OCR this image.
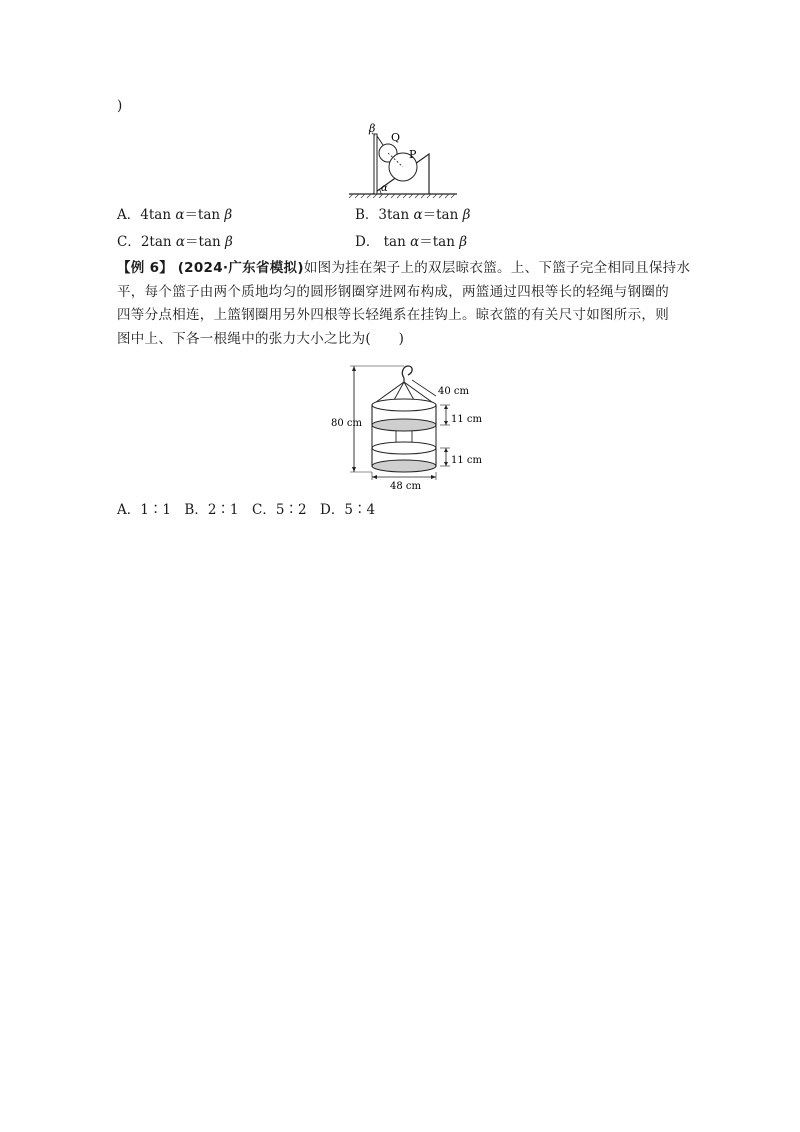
)
β
Q
P
α
A．4tan α＝tan β	B．3tan α＝tan β
C．2tan α＝tan β	D． tan α＝tan β
【例 6】 (2024·广东省模拟)如图为挂在架子上的双层晾衣篮。上、下篮子完全相同且保持水
平，每个篮子由两个质地均匀的圆形钢圈穿进网布构成，两篮通过四根等长的轻绳与钢圈的
四等分点相连，上篮钢圈用另外四根等长轻绳系在挂钩上。晾衣篮的有关尺寸如图所示，则
图中上、下各一根绳中的张力大小之比为(　　)
80 cm
40 cm
11 cm
11 cm
48 cm
A．1∶1　B．2∶1　C．5∶2　D．5∶4
